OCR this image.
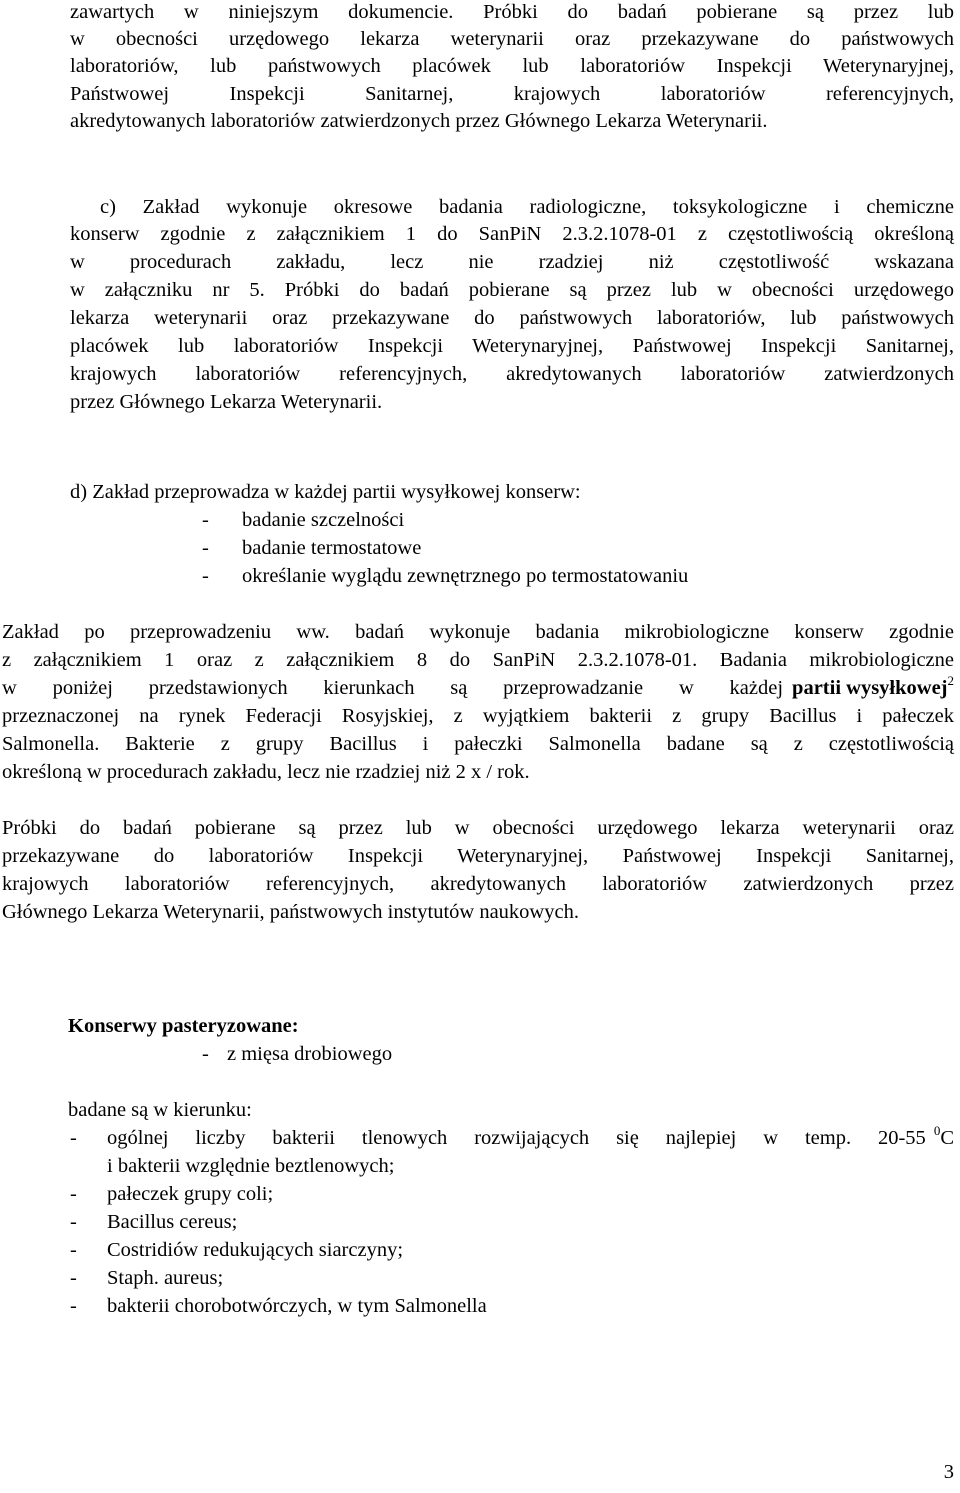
zawartych w niniejszym dokumencie. Próbki do badań pobierane są przez lub
w obecności urzędowego lekarza weterynarii oraz przekazywane do państwowych
laboratoriów, lub państwowych placówek lub laboratoriów Inspekcji Weterynaryjnej,
Państwowej Inspekcji Sanitarnej, krajowych laboratoriów referencyjnych,
akredytowanych laboratoriów zatwierdzonych przez Głównego Lekarza Weterynarii.
c) Zakład wykonuje okresowe badania radiologiczne, toksykologiczne i chemiczne
konserw zgodnie z załącznikiem 1 do SanPiN 2.3.2.1078-01 z częstotliwością określoną
w procedurach zakładu, lecz nie rzadziej niż częstotliwość wskazana
w załączniku nr 5. Próbki do badań pobierane są przez lub w obecności urzędowego
lekarza weterynarii oraz przekazywane do państwowych laboratoriów, lub państwowych
placówek lub laboratoriów Inspekcji Weterynaryjnej, Państwowej Inspekcji Sanitarnej,
krajowych laboratoriów referencyjnych, akredytowanych laboratoriów zatwierdzonych
przez Głównego Lekarza Weterynarii.
d) Zakład przeprowadza w każdej partii wysyłkowej konserw:
- badanie szczelności
- badanie termostatowe
- określanie wyglądu zewnętrznego po termostatowaniu
Zakład po przeprowadzeniu ww. badań wykonuje badania mikrobiologiczne konserw zgodnie
z załącznikiem 1 oraz z załącznikiem 8 do SanPiN 2.3.2.1078-01. Badania mikrobiologiczne
w poniżej przedstawionych kierunkach są przeprowadzanie w każdej partii wysyłkowej$^2$
przeznaczonej na rynek Federacji Rosyjskiej, z wyjątkiem bakterii z grupy Bacillus i pałeczek
Salmonella. Bakterie z grupy Bacillus i pałeczki Salmonella badane są z częstotliwością
określoną w procedurach zakładu, lecz nie rzadziej niż 2 x / rok.
Próbki do badań pobierane są przez lub w obecności urzędowego lekarza weterynarii oraz
przekazywane do laboratoriów Inspekcji Weterynaryjnej, Państwowej Inspekcji Sanitarnej,
krajowych laboratoriów referencyjnych, akredytowanych laboratoriów zatwierdzonych przez
Głównego Lekarza Weterynarii, państwowych instytutów naukowych.
Konserwy pasteryzowane:
- z mięsa drobiowego
badane są w kierunku:
- ogólnej liczby bakterii tlenowych rozwijających się najlepiej w temp. 20-55 $^0$C
i bakterii względnie beztlenowych;
- pałeczek grupy coli;
- Bacillus cereus;
- Costridiów redukujących siarczyny;
- Staph. aureus;
- bakterii chorobotwórczych, w tym Salmonella
3
